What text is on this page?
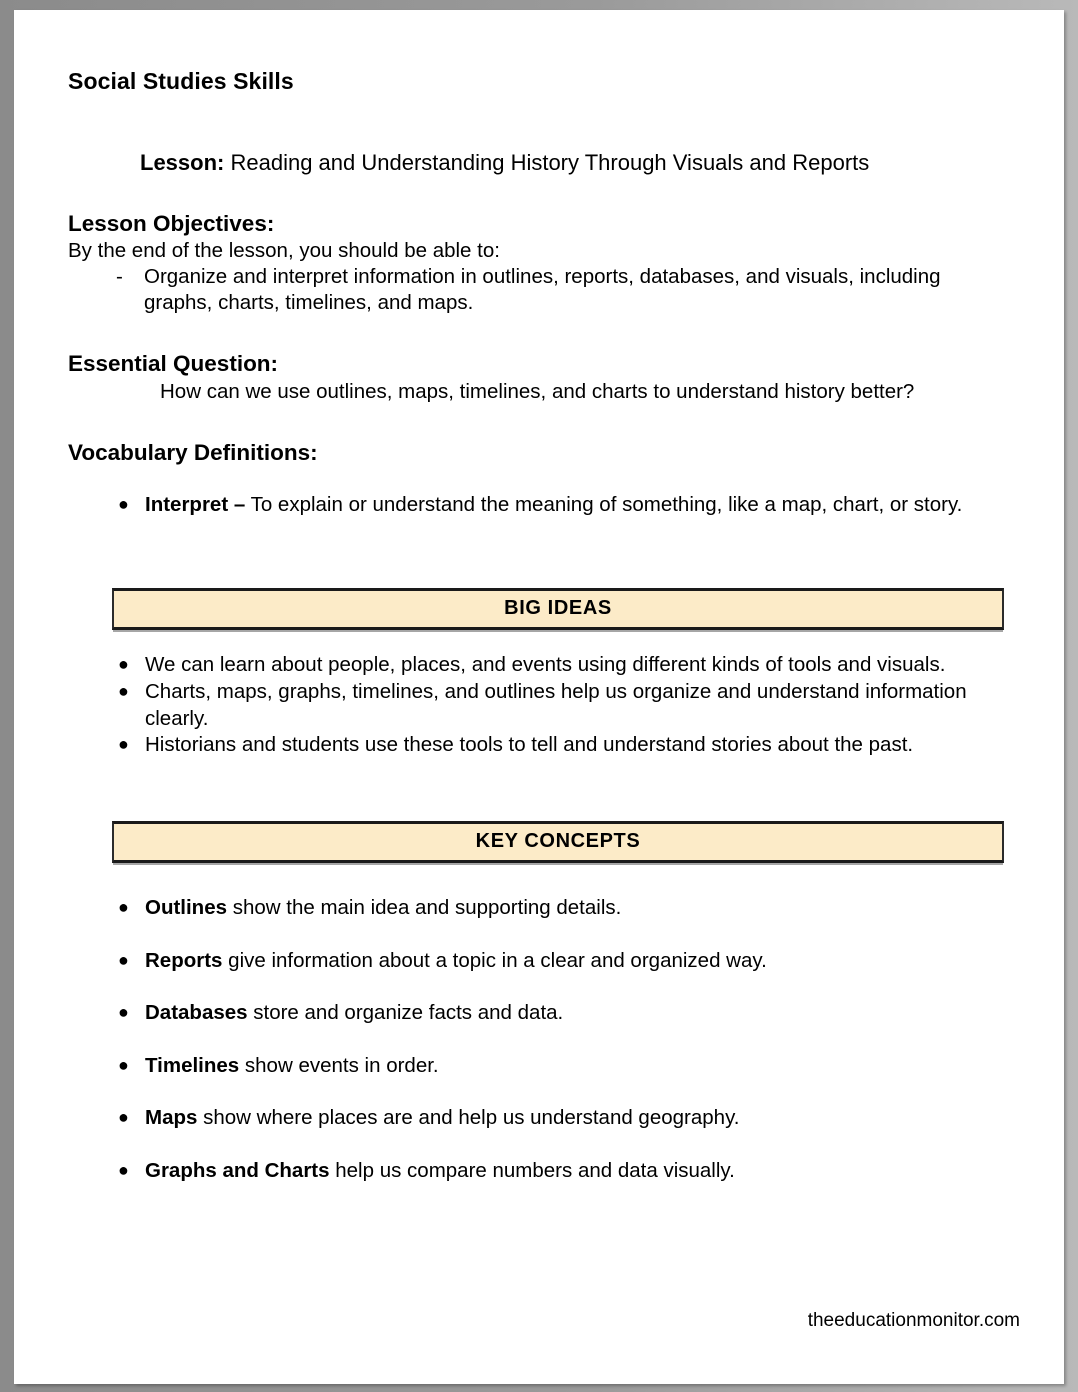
Social Studies Skills
Lesson: Reading and Understanding History Through Visuals and Reports
Lesson Objectives:
By the end of the lesson, you should be able to:
- Organize and interpret information in outlines, reports, databases, and visuals, including graphs, charts, timelines, and maps.
Essential Question:
How can we use outlines, maps, timelines, and charts to understand history better?
Vocabulary Definitions:
● Interpret – To explain or understand the meaning of something, like a map, chart, or story.
BIG IDEAS
● We can learn about people, places, and events using different kinds of tools and visuals.
● Charts, maps, graphs, timelines, and outlines help us organize and understand information clearly.
● Historians and students use these tools to tell and understand stories about the past.
KEY CONCEPTS
● Outlines show the main idea and supporting details.
● Reports give information about a topic in a clear and organized way.
● Databases store and organize facts and data.
● Timelines show events in order.
● Maps show where places are and help us understand geography.
● Graphs and Charts help us compare numbers and data visually.
theeducationmonitor.com
